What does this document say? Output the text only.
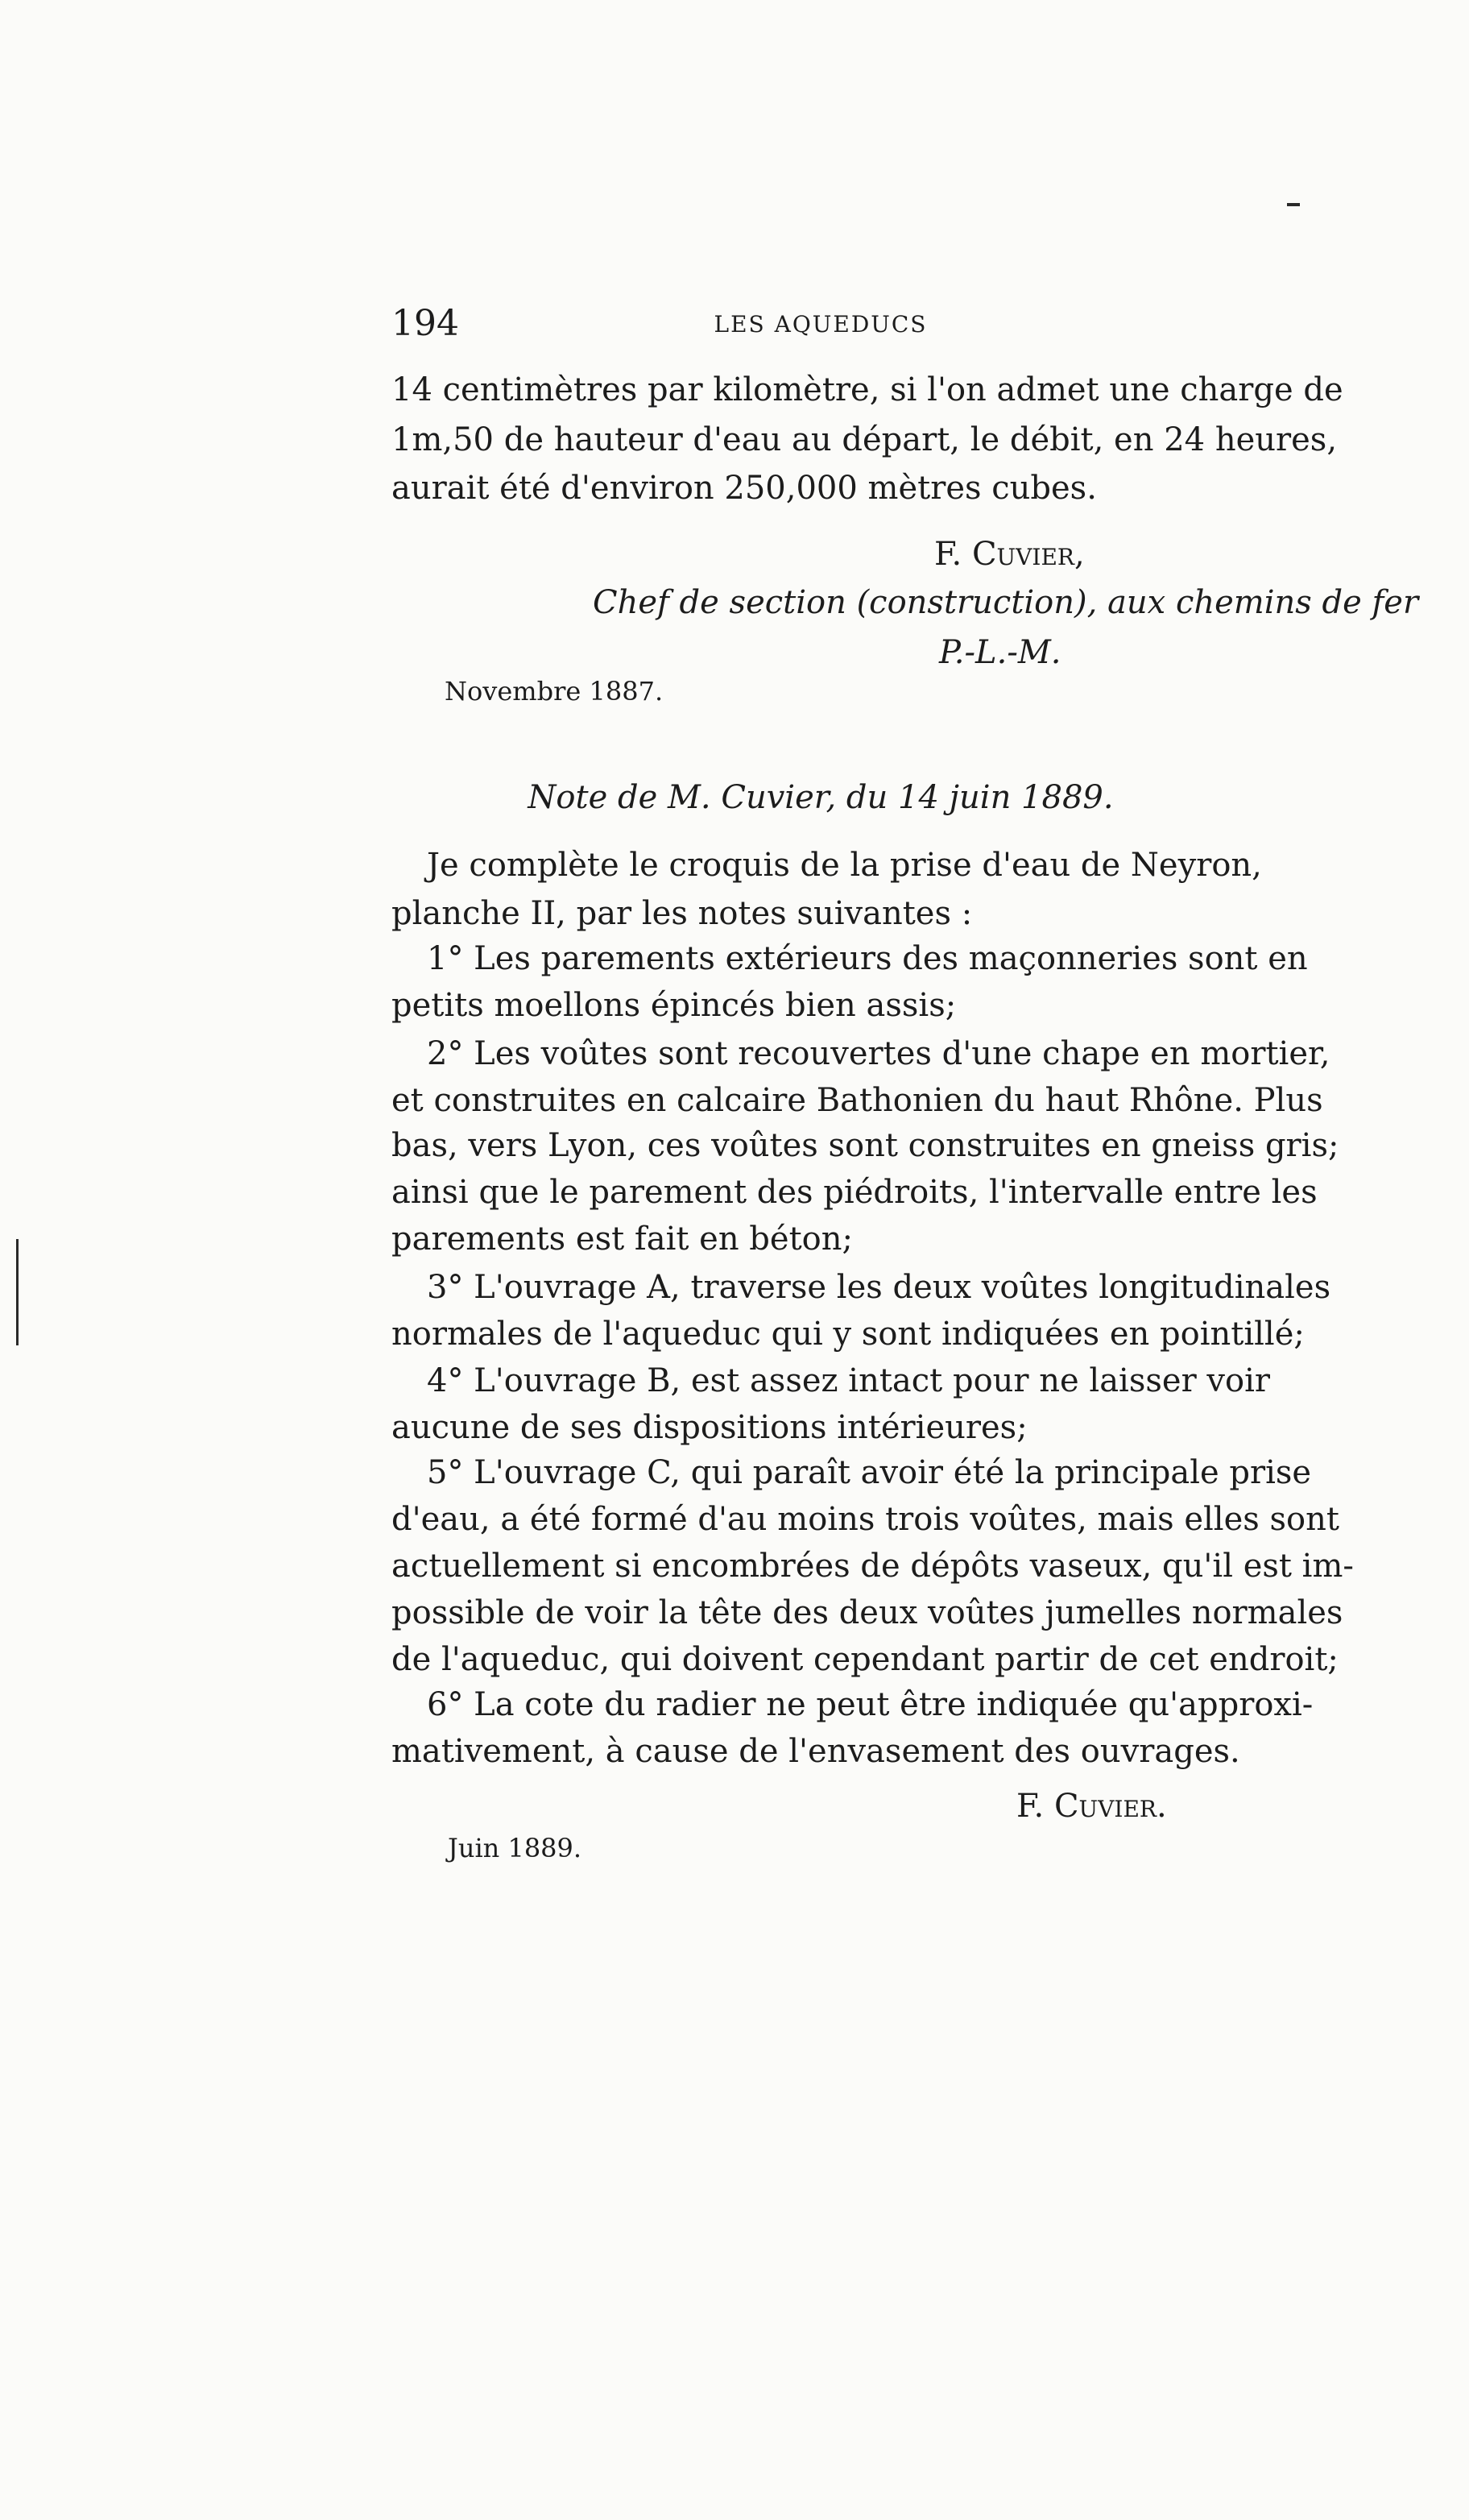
194	LES AQUEDUCS
14 centimètres par kilomètre, si l'on admet une charge de
1m,50 de hauteur d'eau au départ, le débit, en 24 heures,
aurait été d'environ 250,000 mètres cubes.
F. Cuvier,
Chef de section (construction), aux chemins de fer
P.-L.-M.
Novembre 1887.
Note de M. Cuvier, du 14 juin 1889.
Je complète le croquis de la prise d'eau de Neyron,
planche II, par les notes suivantes :
1° Les parements extérieurs des maçonneries sont en
petits moellons épincés bien assis;
2° Les voûtes sont recouvertes d'une chape en mortier,
et construites en calcaire Bathonien du haut Rhône. Plus
bas, vers Lyon, ces voûtes sont construites en gneiss gris;
ainsi que le parement des piédroits, l'intervalle entre les
parements est fait en béton;
3° L'ouvrage A, traverse les deux voûtes longitudinales
normales de l'aqueduc qui y sont indiquées en pointillé;
4° L'ouvrage B, est assez intact pour ne laisser voir
aucune de ses dispositions intérieures;
5° L'ouvrage C, qui paraît avoir été la principale prise
d'eau, a été formé d'au moins trois voûtes, mais elles sont
actuellement si encombrées de dépôts vaseux, qu'il est im-
possible de voir la tête des deux voûtes jumelles normales
de l'aqueduc, qui doivent cependant partir de cet endroit;
6° La cote du radier ne peut être indiquée qu'approxi-
mativement, à cause de l'envasement des ouvrages.
F. Cuvier.
Juin 1889.
